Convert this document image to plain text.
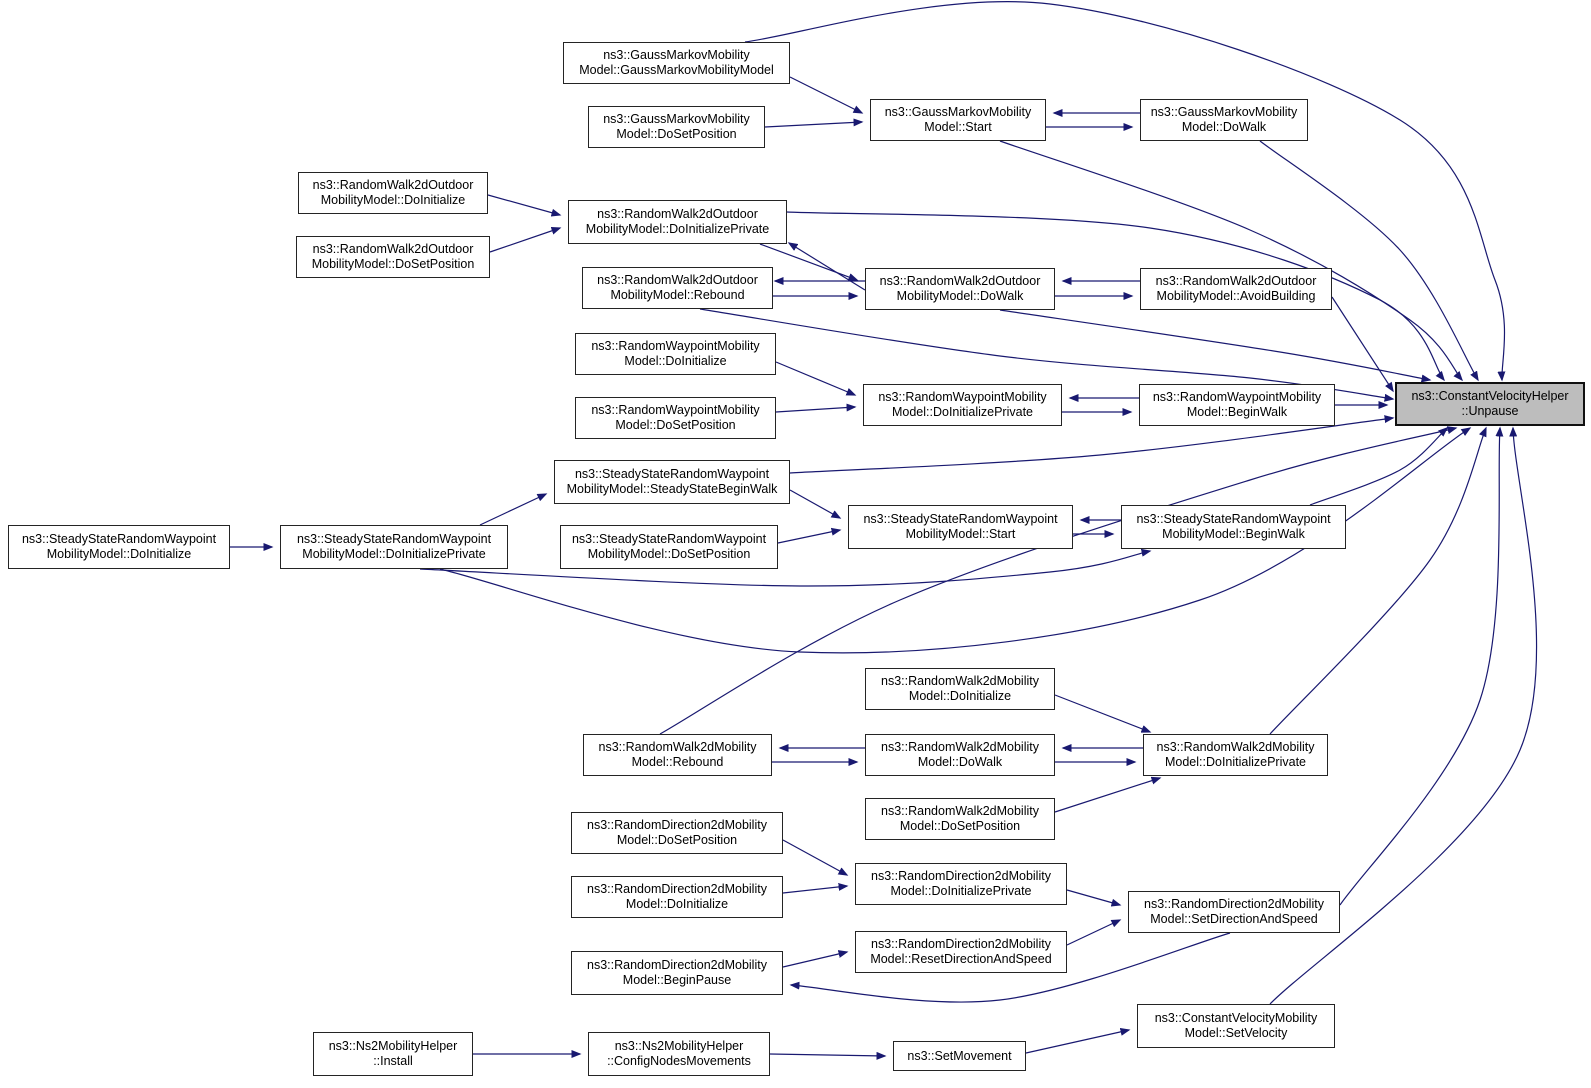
ns3::GaussMarkovMobility
Model::GaussMarkovMobilityModel
ns3::GaussMarkovMobility
Model::DoSetPosition
ns3::GaussMarkovMobility
Model::Start
ns3::GaussMarkovMobility
Model::DoWalk
ns3::RandomWalk2dOutdoor
MobilityModel::DoInitialize
ns3::RandomWalk2dOutdoor
MobilityModel::DoSetPosition
ns3::RandomWalk2dOutdoor
MobilityModel::DoInitializePrivate
ns3::RandomWalk2dOutdoor
MobilityModel::Rebound
ns3::RandomWalk2dOutdoor
MobilityModel::DoWalk
ns3::RandomWalk2dOutdoor
MobilityModel::AvoidBuilding
ns3::RandomWaypointMobility
Model::DoInitialize
ns3::RandomWaypointMobility
Model::DoSetPosition
ns3::RandomWaypointMobility
Model::DoInitializePrivate
ns3::RandomWaypointMobility
Model::BeginWalk
ns3::ConstantVelocityHelper
::Unpause
ns3::SteadyStateRandomWaypoint
MobilityModel::SteadyStateBeginWalk
ns3::SteadyStateRandomWaypoint
MobilityModel::DoInitialize
ns3::SteadyStateRandomWaypoint
MobilityModel::DoInitializePrivate
ns3::SteadyStateRandomWaypoint
MobilityModel::DoSetPosition
ns3::SteadyStateRandomWaypoint
MobilityModel::Start
ns3::SteadyStateRandomWaypoint
MobilityModel::BeginWalk
ns3::RandomWalk2dMobility
Model::DoInitialize
ns3::RandomWalk2dMobility
Model::Rebound
ns3::RandomWalk2dMobility
Model::DoWalk
ns3::RandomWalk2dMobility
Model::DoInitializePrivate
ns3::RandomWalk2dMobility
Model::DoSetPosition
ns3::RandomDirection2dMobility
Model::DoSetPosition
ns3::RandomDirection2dMobility
Model::DoInitialize
ns3::RandomDirection2dMobility
Model::DoInitializePrivate
ns3::RandomDirection2dMobility
Model::ResetDirectionAndSpeed
ns3::RandomDirection2dMobility
Model::BeginPause
ns3::RandomDirection2dMobility
Model::SetDirectionAndSpeed
ns3::ConstantVelocityMobility
Model::SetVelocity
ns3::Ns2MobilityHelper
::Install
ns3::Ns2MobilityHelper
::ConfigNodesMovements	ns3::SetMovement
